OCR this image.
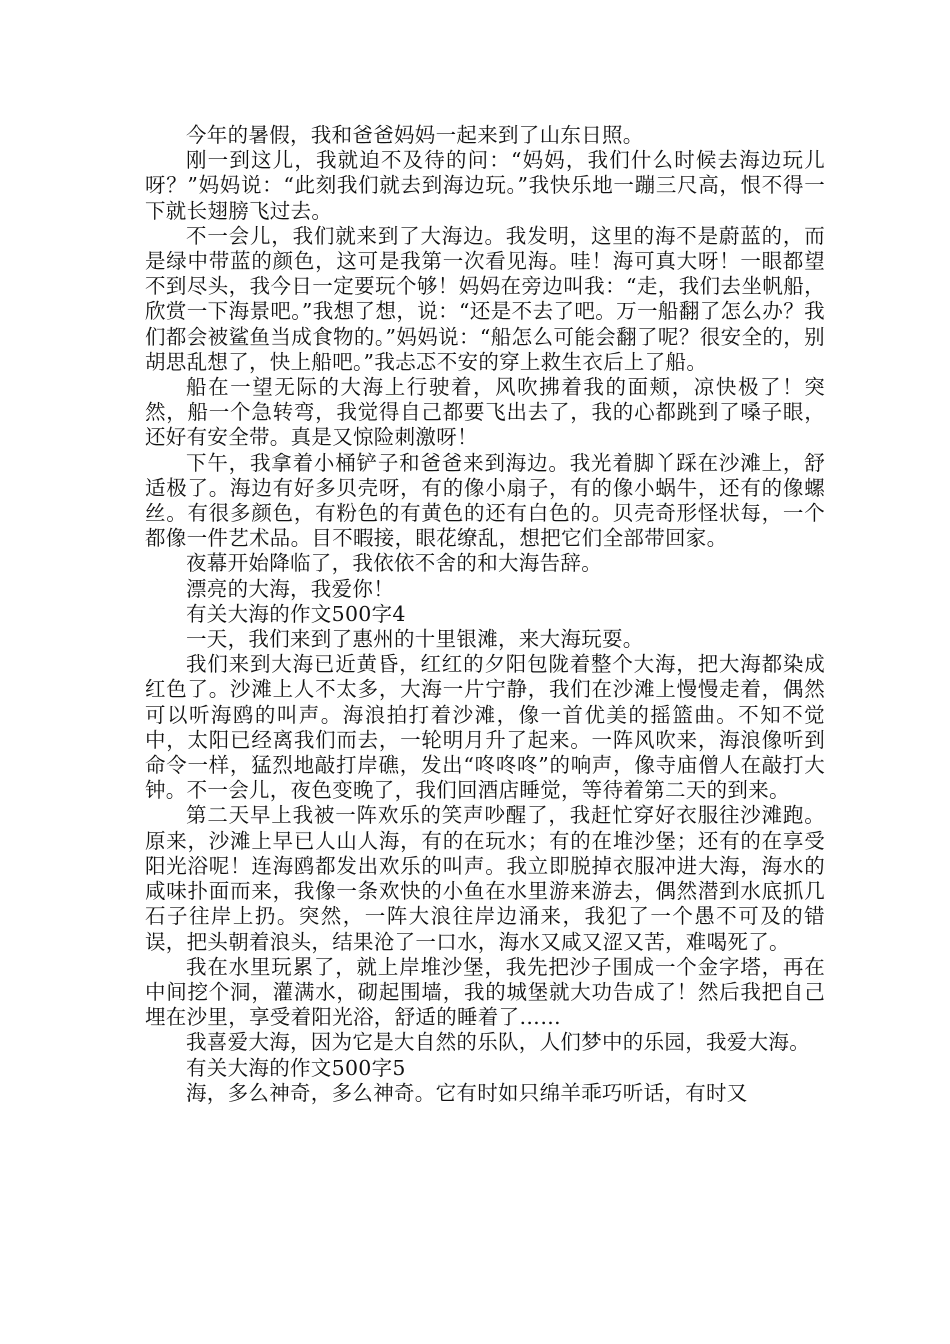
今年的暑假，我和爸爸妈妈一起来到了山东日照。

刚一到这儿，我就迫不及待的问：“妈妈，我们什么时候去海边玩儿呀？”妈妈说：“此刻我们就去到海边玩。”我快乐地一蹦三尺高，恨不得一下就长翅膀飞过去。

不一会儿，我们就来到了大海边。我发明，这里的海不是蔚蓝的，而是绿中带蓝的颜色，这可是我第一次看见海。哇！海可真大呀！一眼都望不到尽头，我今日一定要玩个够！妈妈在旁边叫我：“走，我们去坐帆船，欣赏一下海景吧。”我想了想，说：“还是不去了吧。万一船翻了怎么办？我们都会被鲨鱼当成食物的。”妈妈说：“船怎么可能会翻了呢？很安全的，别胡思乱想了，快上船吧。”我忐忑不安的穿上救生衣后上了船。

船在一望无际的大海上行驶着，风吹拂着我的面颊，凉快极了！突然，船一个急转弯，我觉得自己都要飞出去了，我的心都跳到了嗓子眼，还好有安全带。真是又惊险刺激呀！

下午，我拿着小桶铲子和爸爸来到海边。我光着脚丫踩在沙滩上，舒适极了。海边有好多贝壳呀，有的像小扇子，有的像小蜗牛，还有的像螺丝。有很多颜色，有粉色的有黄色的还有白色的。贝壳奇形怪状每，一个都像一件艺术品。目不暇接，眼花缭乱，想把它们全部带回家。

夜幕开始降临了，我依依不舍的和大海告辞。

漂亮的大海，我爱你！

有关大海的作文500字4

一天，我们来到了惠州的十里银滩，来大海玩耍。

我们来到大海已近黄昏，红红的夕阳包陇着整个大海，把大海都染成红色了。沙滩上人不太多，大海一片宁静，我们在沙滩上慢慢走着，偶然可以听海鸥的叫声。海浪拍打着沙滩，像一首优美的摇篮曲。不知不觉中，太阳已经离我们而去，一轮明月升了起来。一阵风吹来，海浪像听到命令一样，猛烈地敲打岸礁，发出“咚咚咚”的响声，像寺庙僧人在敲打大钟。不一会儿，夜色变晚了，我们回酒店睡觉，等待着第二天的到来。

第二天早上我被一阵欢乐的笑声吵醒了，我赶忙穿好衣服往沙滩跑。原来，沙滩上早已人山人海，有的在玩水；有的在堆沙堡；还有的在享受阳光浴呢！连海鸥都发出欢乐的叫声。我立即脱掉衣服冲进大海，海水的咸味扑面而来，我像一条欢快的小鱼在水里游来游去，偶然潜到水底抓几石子往岸上扔。突然，一阵大浪往岸边涌来，我犯了一个愚不可及的错误，把头朝着浪头，结果沧了一口水，海水又咸又涩又苦，难喝死了。

我在水里玩累了，就上岸堆沙堡，我先把沙子围成一个金字塔，再在中间挖个洞，灌满水，砌起围墙，我的城堡就大功告成了！然后我把自己埋在沙里，享受着阳光浴，舒适的睡着了……

我喜爱大海，因为它是大自然的乐队，人们梦中的乐园，我爱大海。

有关大海的作文500字5

海，多么神奇，多么神奇。它有时如只绵羊乖巧听话，有时又
